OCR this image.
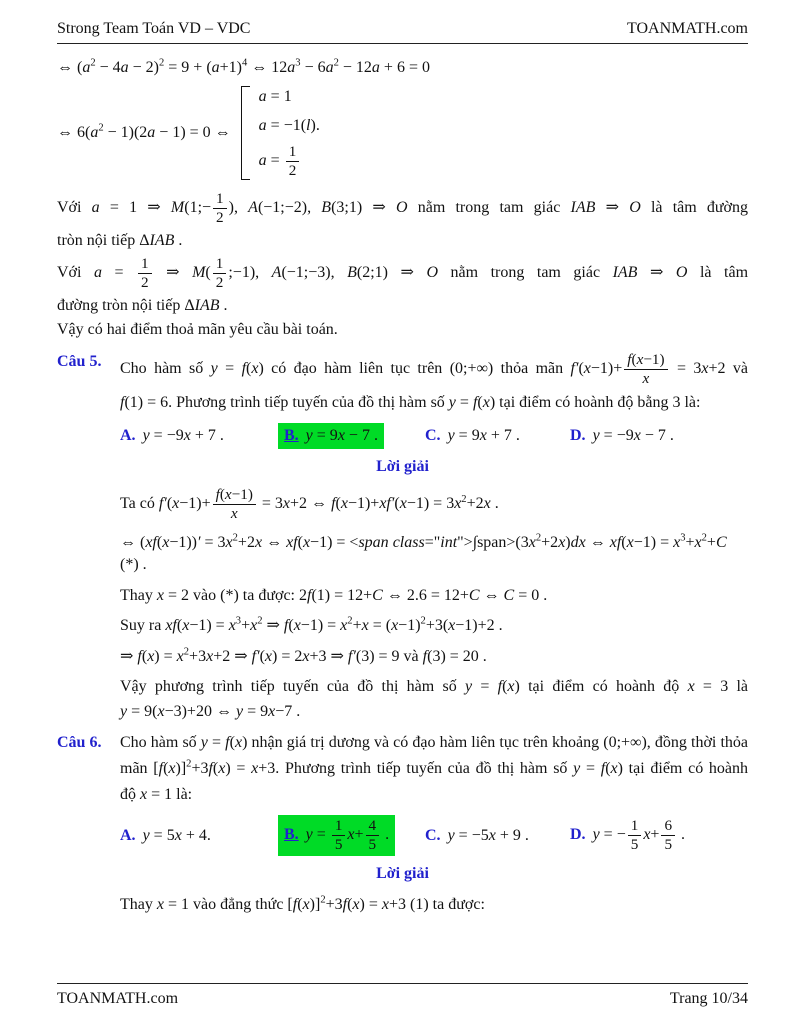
Strong Team Toán VD – VDC	TOANMATH.com
⇔ $(a^2 - 4a - 2)^2 = 9 + (a+1)^4$ ⇔ $12a^3 - 6a^2 - 12a + 6 = 0$
⇔ $6(a^2 - 1)(2a - 1) = 0$ ⇔
a = 1
a = −1(l).
$a = \frac{1}{2}$
Với a = 1 ⇒ M(1;− $\frac{1}{2}$ ), A(−1;−2), B(3;1) ⇒ O nằm trong tam giác IAB ⇒ O là tâm đường
tròn nội tiếp ΔIAB .
Với $a = \frac{1}{2}$ ⇒ $M( \frac{1}{2}$ ;−1), A(−1;−3), B(2;1) ⇒ O nằm trong tam giác IAB ⇒ O là tâm
đường tròn nội tiếp ΔIAB .
Vậy có hai điểm thoả mãn yêu cầu bài toán.
Câu 5. Cho hàm số y = f(x) có đạo hàm liên tục trên (0;+∞) thỏa mãn $f'(x-1)+ \frac{f(x-1)}{x} = 3x+2$ và
f(1) = 6. Phương trình tiếp tuyến của đồ thị hàm số y = f(x) tại điểm có hoành độ bằng 3 là:
A. y = −9x + 7 .	B. y = 9x − 7 .	C. y = 9x + 7 .	D. y = −9x − 7 .
Lời giải
Ta có $f'(x-1)+ \frac{f(x-1)}{x} = 3x+2$ ⇔ $f(x-1)+xf'(x-1) = 3x^2+2x$ .
⇔ $(xf(x-1))' = 3x^2+2x$ ⇔ xf(x−1) = <span $class="int">\int span>(3x^2+2x)dx$ ⇔ $xf(x-1) = x^3+x^2+C$ (*) .
Thay x = 2 vào (*) ta được: 2f(1) = 12+C ⇔ 2.6 = 12+C ⇔ C = 0 .
Suy ra $xf(x-1) = x^3+x^2$ ⇒ $f(x-1) = x^2+x = (x-1)^2+3(x-1)+2$ .
⇒ $f(x) = x^2+3x+2$ ⇒ f′(x) = 2x+3 ⇒ f′(3) = 9 và f(3) = 20 .
Vậy phương trình tiếp tuyến của đồ thị hàm số y = f(x) tại điểm có hoành độ x = 3 là
y = 9(x−3)+20 ⇔ y = 9x−7 .
Câu 6. Cho hàm số y = f(x) nhận giá trị dương và có đạo hàm liên tục trên khoảng (0;+∞), đồng thời thỏa
mãn $[f(x)]^2+3f(x) = x+3$. Phương trình tiếp tuyến của đồ thị hàm số y = f(x) tại điểm có hoành
độ x = 1 là:
A. y = 5x + 4.	B. $y = \frac{1}{5} x+ \frac{4}{5}$ .	C. y = −5x + 9 .	D. y = − $\frac{1}{5} x+ \frac{6}{5}$ .
Lời giải
Thay x = 1 vào đẳng thức $[f(x)]^2+3f(x) = x+3$ (1) ta được:
TOANMATH.com	Trang 10/34
